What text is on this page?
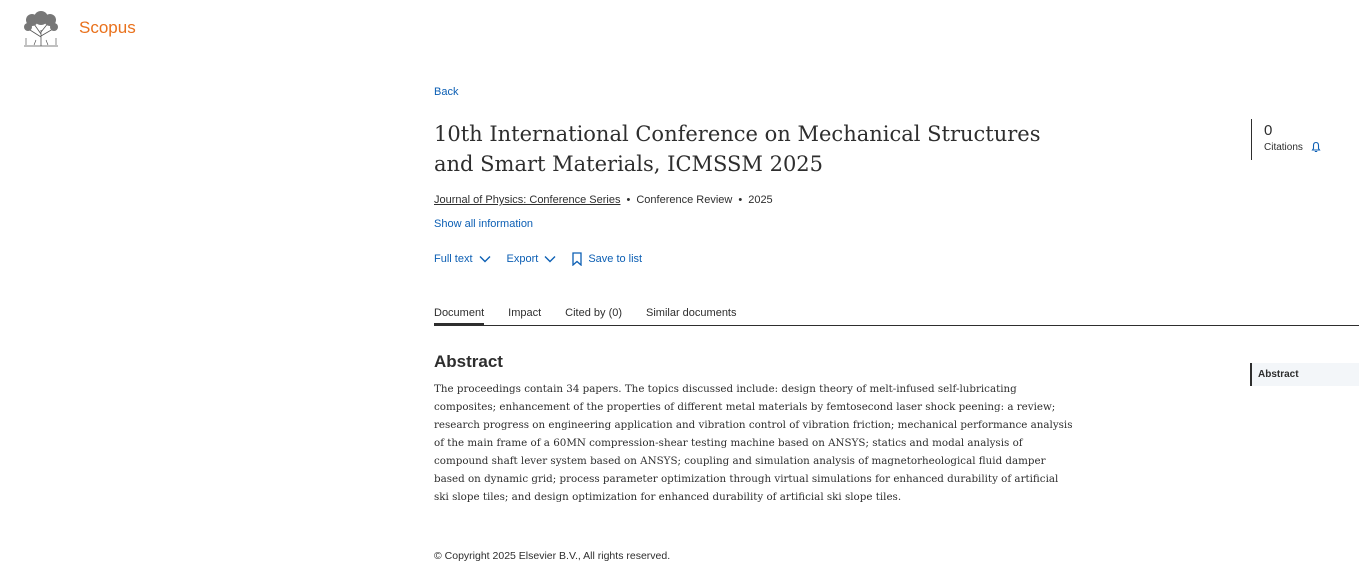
Scopus
Back
10th International Conference on Mechanical Structures and Smart Materials, ICMSSM 2025
Journal of Physics: Conference Series • Conference Review • 2025
Show all information
Full text	Export	Save to list
Document Impact Cited by (0) Similar documents
Abstract

The proceedings contain 34 papers. The topics discussed include: design theory of melt-infused self-lubricating composites; enhancement of the properties of different metal materials by femtosecond laser shock peening: a review; research progress on engineering application and vibration control of vibration friction; mechanical performance analysis of the main frame of a 60MN compression-shear testing machine based on ANSYS; statics and modal analysis of compound shaft lever system based on ANSYS; coupling and simulation analysis of magnetorheological fluid damper based on dynamic grid; process parameter optimization through virtual simulations for enhanced durability of artificial ski slope tiles; and design optimization for enhanced durability of artificial ski slope tiles.

© Copyright 2025 Elsevier B.V., All rights reserved.
0
Citations
Abstract
